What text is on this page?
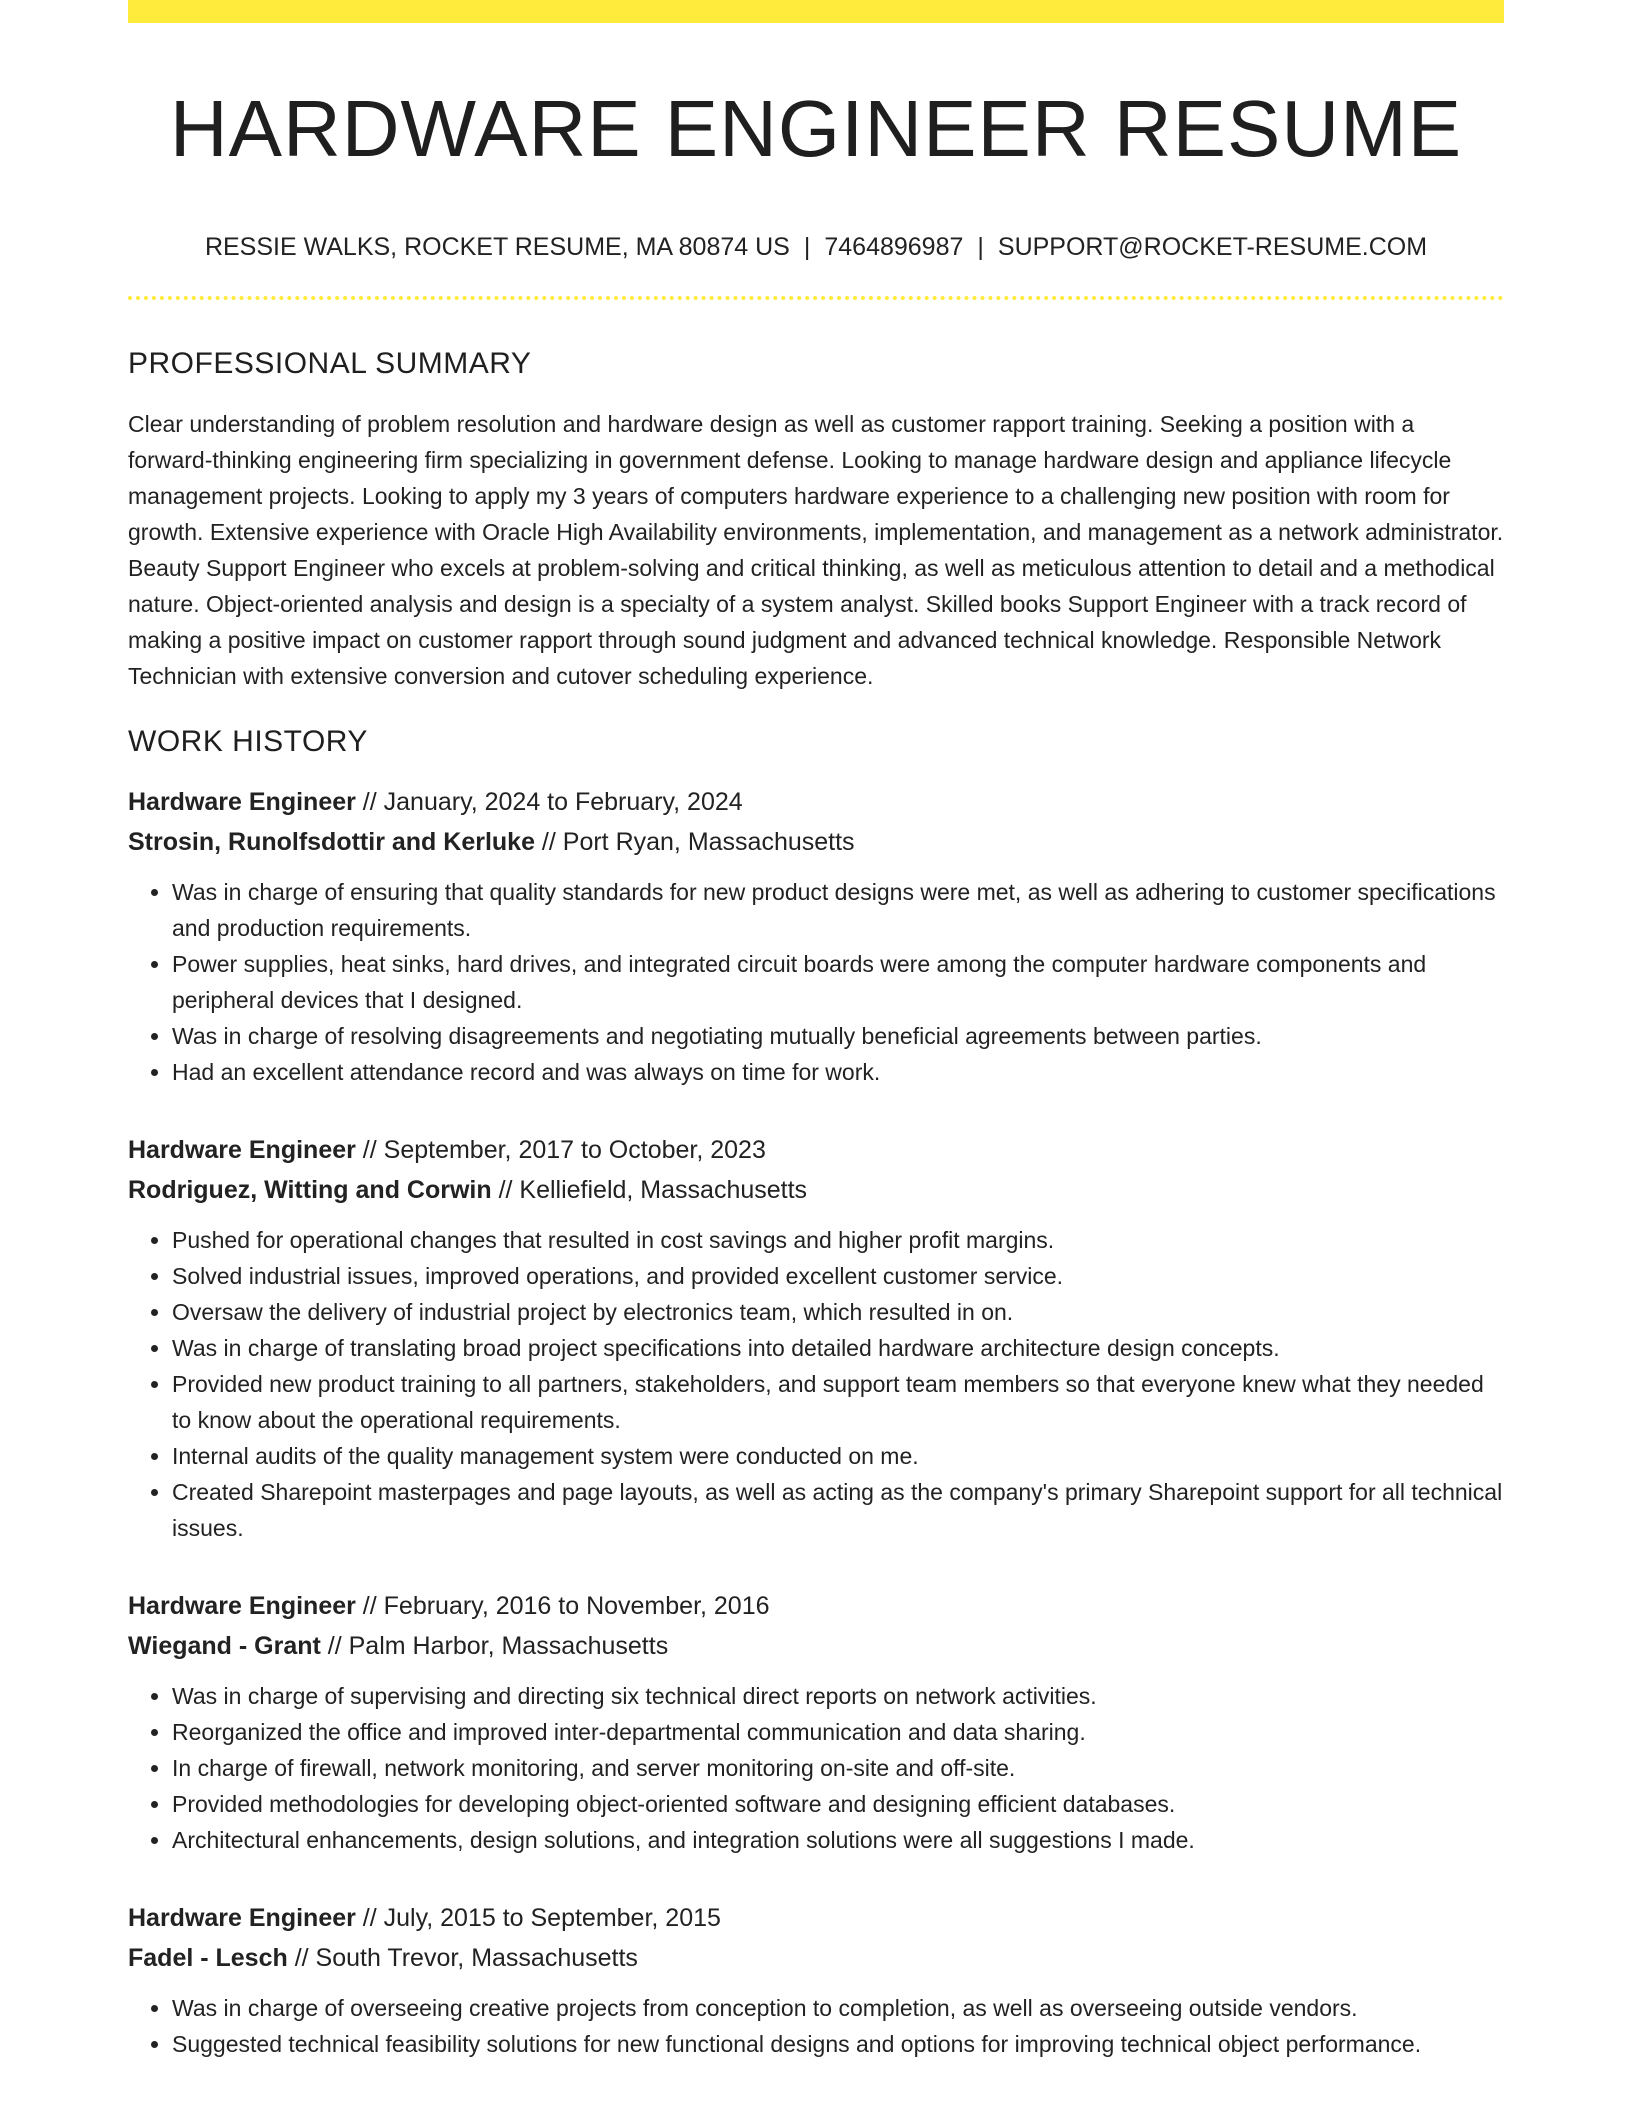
HARDWARE ENGINEER RESUME
RESSIE WALKS, ROCKET RESUME, MA 80874 US | 7464896987 | SUPPORT@ROCKET-RESUME.COM
PROFESSIONAL SUMMARY
Clear understanding of problem resolution and hardware design as well as customer rapport training. Seeking a position with a forward-thinking engineering firm specializing in government defense. Looking to manage hardware design and appliance lifecycle management projects. Looking to apply my 3 years of computers hardware experience to a challenging new position with room for growth. Extensive experience with Oracle High Availability environments, implementation, and management as a network administrator. Beauty Support Engineer who excels at problem-solving and critical thinking, as well as meticulous attention to detail and a methodical nature. Object-oriented analysis and design is a specialty of a system analyst. Skilled books Support Engineer with a track record of making a positive impact on customer rapport through sound judgment and advanced technical knowledge. Responsible Network Technician with extensive conversion and cutover scheduling experience.
WORK HISTORY
Hardware Engineer // January, 2024 to February, 2024
Strosin, Runolfsdottir and Kerluke // Port Ryan, Massachusetts
• Was in charge of ensuring that quality standards for new product designs were met, as well as adhering to customer specifications and production requirements.
• Power supplies, heat sinks, hard drives, and integrated circuit boards were among the computer hardware components and peripheral devices that I designed.
• Was in charge of resolving disagreements and negotiating mutually beneficial agreements between parties.
• Had an excellent attendance record and was always on time for work.
Hardware Engineer // September, 2017 to October, 2023
Rodriguez, Witting and Corwin // Kelliefield, Massachusetts
• Pushed for operational changes that resulted in cost savings and higher profit margins.
• Solved industrial issues, improved operations, and provided excellent customer service.
• Oversaw the delivery of industrial project by electronics team, which resulted in on.
• Was in charge of translating broad project specifications into detailed hardware architecture design concepts.
• Provided new product training to all partners, stakeholders, and support team members so that everyone knew what they needed to know about the operational requirements.
• Internal audits of the quality management system were conducted on me.
• Created Sharepoint masterpages and page layouts, as well as acting as the company's primary Sharepoint support for all technical issues.
Hardware Engineer // February, 2016 to November, 2016
Wiegand - Grant // Palm Harbor, Massachusetts
• Was in charge of supervising and directing six technical direct reports on network activities.
• Reorganized the office and improved inter-departmental communication and data sharing.
• In charge of firewall, network monitoring, and server monitoring on-site and off-site.
• Provided methodologies for developing object-oriented software and designing efficient databases.
• Architectural enhancements, design solutions, and integration solutions were all suggestions I made.
Hardware Engineer // July, 2015 to September, 2015
Fadel - Lesch // South Trevor, Massachusetts
• Was in charge of overseeing creative projects from conception to completion, as well as overseeing outside vendors.
• Suggested technical feasibility solutions for new functional designs and options for improving technical object performance.
